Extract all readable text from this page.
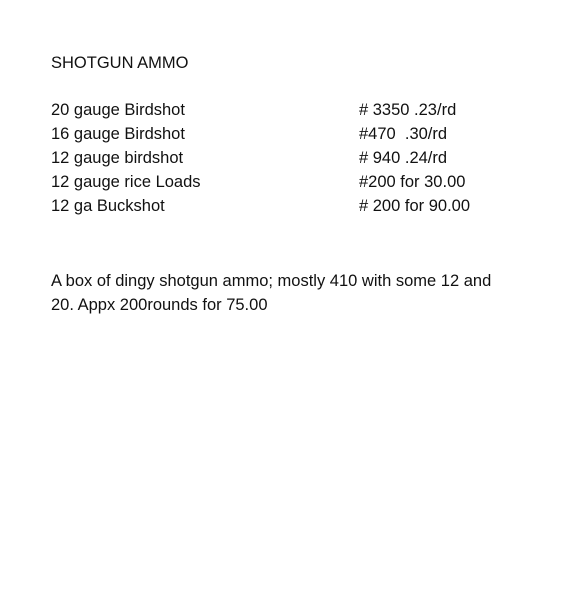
SHOTGUN AMMO
20 gauge Birdshot	# 3350 .23/rd
16 gauge Birdshot	#470  .30/rd
12 gauge birdshot	# 940 .24/rd
12 gauge rice Loads	#200 for 30.00
12 ga Buckshot	# 200 for 90.00
A box of dingy shotgun ammo; mostly 410 with some 12 and
20. Appx 200rounds for 75.00
